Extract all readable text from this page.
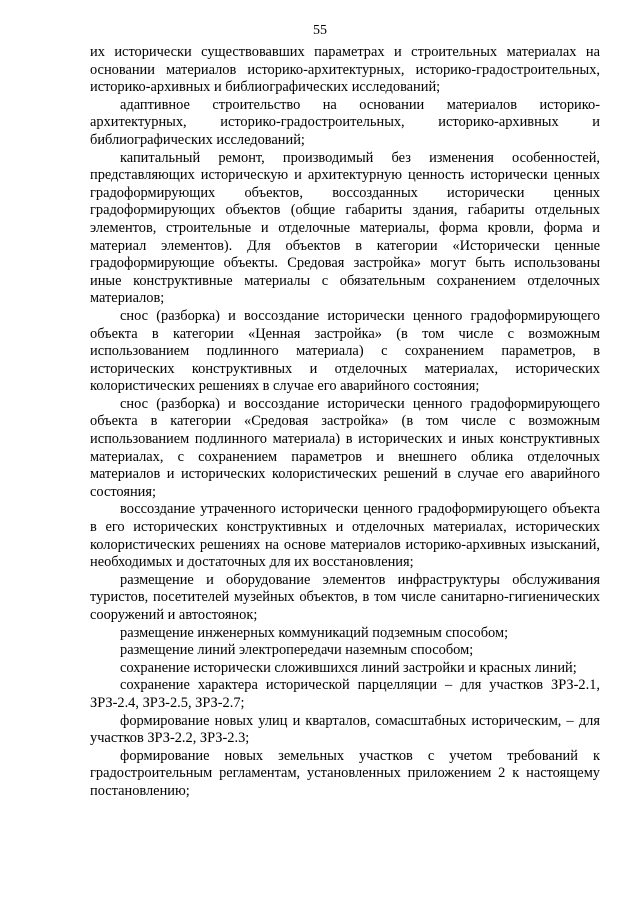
55

их исторически существовавших параметрах и строительных материалах на основании материалов историко-архитектурных, историко-градостроительных, историко-архивных и библиографических исследований;

адаптивное строительство на основании материалов историко-архитектурных, историко-градостроительных, историко-архивных и библиографических исследований;

капитальный ремонт, производимый без изменения особенностей, представляющих историческую и архитектурную ценность исторически ценных градоформирующих объектов, воссозданных исторически ценных градоформирующих объектов (общие габариты здания, габариты отдельных элементов, строительные и отделочные материалы, форма кровли, форма и материал элементов). Для объектов в категории «Исторически ценные градоформирующие объекты. Средовая застройка» могут быть использованы иные конструктивные материалы с обязательным сохранением отделочных материалов;

снос (разборка) и воссоздание исторически ценного градоформирующего объекта в категории «Ценная застройка» (в том числе с возможным использованием подлинного материала) с сохранением параметров, в исторических конструктивных и отделочных материалах, исторических колористических решениях в случае его аварийного состояния;

снос (разборка) и воссоздание исторически ценного градоформирующего объекта в категории «Средовая застройка» (в том числе с возможным использованием подлинного материала) в исторических и иных конструктивных материалах, с сохранением параметров и внешнего облика отделочных материалов и исторических колористических решений в случае его аварийного состояния;

воссоздание утраченного исторически ценного градоформирующего объекта в его исторических конструктивных и отделочных материалах, исторических колористических решениях на основе материалов историко-архивных изысканий, необходимых и достаточных для их восстановления;

размещение и оборудование элементов инфраструктуры обслуживания туристов, посетителей музейных объектов, в том числе санитарно-гигиенических сооружений и автостоянок;

размещение инженерных коммуникаций подземным способом;

размещение линий электропередачи наземным способом;

сохранение исторически сложившихся линий застройки и красных линий;

сохранение характера исторической парцелляции – для участков ЗРЗ-2.1, ЗРЗ-2.4, ЗРЗ-2.5, ЗРЗ-2.7;

формирование новых улиц и кварталов, сомасштабных историческим, – для участков ЗРЗ-2.2, ЗРЗ-2.3;

формирование новых земельных участков с учетом требований к градостроительным регламентам, установленных приложением 2 к настоящему постановлению;
